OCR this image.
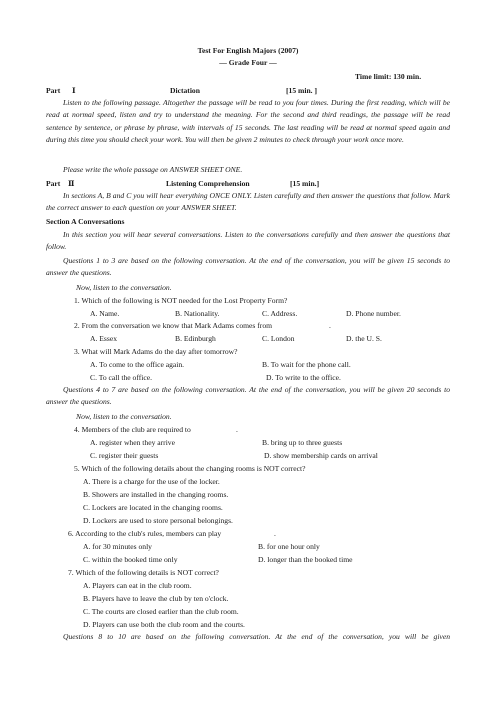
Test For English Majors (2007)
— Grade Four —
Time limit: 130 min.
Part Ⅰ	Dictation	[15 min. ]
Listen to the following passage. Altogether the passage will be read to you four times. During the first reading, which will be read at normal speed, listen and try to understand the meaning. For the second and third readings, the passage will be read sentence by sentence, or phrase by phrase, with intervals of 15 seconds. The last reading will be read at normal speed again and during this time you should check your work. You will then be given 2 minutes to check through your work once more.
Please write the whole passage on ANSWER SHEET ONE.
Part Ⅱ	Listening Comprehension	[15 min.]
In sections A, B and C you will hear everything ONCE ONLY. Listen carefully and then answer the questions that follow. Mark the correct answer to each question on your ANSWER SHEET.
Section A Conversations
In this section you will hear several conversations. Listen to the conversations carefully and then answer the questions that follow.
Questions 1 to 3 are based on the following conversation. At the end of the conversation, you will be given 15 seconds to answer the questions.
Now, listen to the conversation.
1. Which of the following is NOT needed for the Lost Property Form?
A. Name.	B. Nationality.	C. Address.	D. Phone number.
2. From the conversation we know that Mark Adams comes from	.
A. Essex	B. Edinburgh	C. London	D. the U. S.
3. What will Mark Adams do the day after tomorrow?
A. To come to the office again.	B. To wait for the phone call.
C. To call the office.	D. To write to the office.
Questions 4 to 7 are based on the following conversation. At the end of the conversation, you will be given 20 seconds to answer the questions.
Now, listen to the conversation.
4. Members of the club are required to	.
A. register when they arrive	B. bring up to three guests
C. register their guests	D. show membership cards on arrival
5. Which of the following details about the changing rooms is NOT correct?
A. There is a charge for the use of the locker.
B. Showers are installed in the changing rooms.
C. Lockers are located in the changing rooms.
D. Lockers are used to store personal belongings.
6. According to the club's rules, members can play	.
A. for 30 minutes only	B. for one hour only
C. within the booked time only	D. longer than the booked time
7. Which of the following details is NOT correct?
A. Players can eat in the club room.
B. Players have to leave the club by ten o'clock.
C. The courts are closed earlier than the club room.
D. Players can use both the club room and the courts.
Questions 8 to 10 are based on the following conversation. At the end of the conversation, you will be given
